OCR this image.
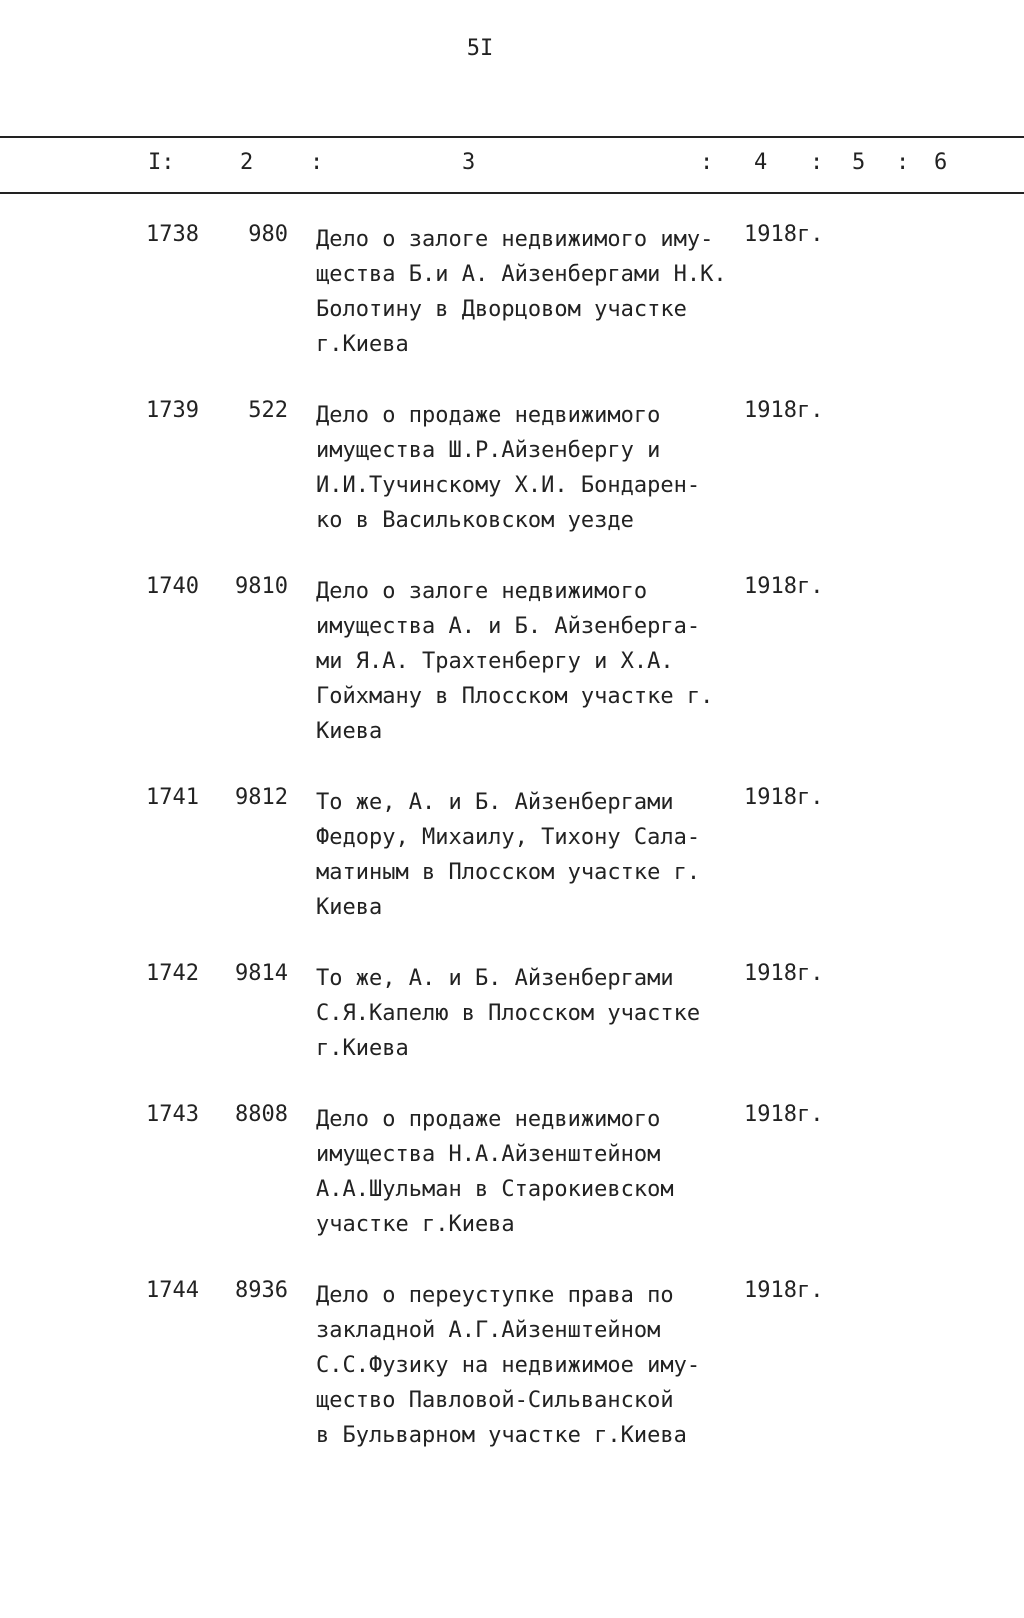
5I
I:	2	:	3	: 4 : 5 : 6
1738	980 Дело о залоге недвижимого иму-
щества Б.и А. Айзенбергами Н.К.
Болотину в Дворцовом участке
г.Киева
1918г.
1739	522 Дело о продаже недвижимого
имущества Ш.Р.Айзенбергу и
И.И.Тучинскому Х.И. Бондарен-
ко в Васильковском уезде
1918г.
1740	9810 Дело о залоге недвижимого
имущества А. и Б. Айзенберга-
ми Я.А. Трахтенбергу и Х.А.
Гойхману в Плосском участке г.
Киева
1918г.
1741	9812 То же, А. и Б. Айзенбергами
Федору, Михаилу, Тихону Сала-
матиным в Плосском участке г.
Киева
1918г.
1742	9814 То же, А. и Б. Айзенбергами
С.Я.Капелю в Плосском участке
г.Киева
1918г.
1743	8808 Дело о продаже недвижимого
имущества Н.А.Айзенштейном
А.А.Шульман в Старокиевском
участке г.Киева
1918г.
1744	8936 Дело о переуступке права по
закладной А.Г.Айзенштейном
С.С.Фузику на недвижимое иму-
щество Павловой-Сильванской
в Бульварном участке г.Киева
1918г.
